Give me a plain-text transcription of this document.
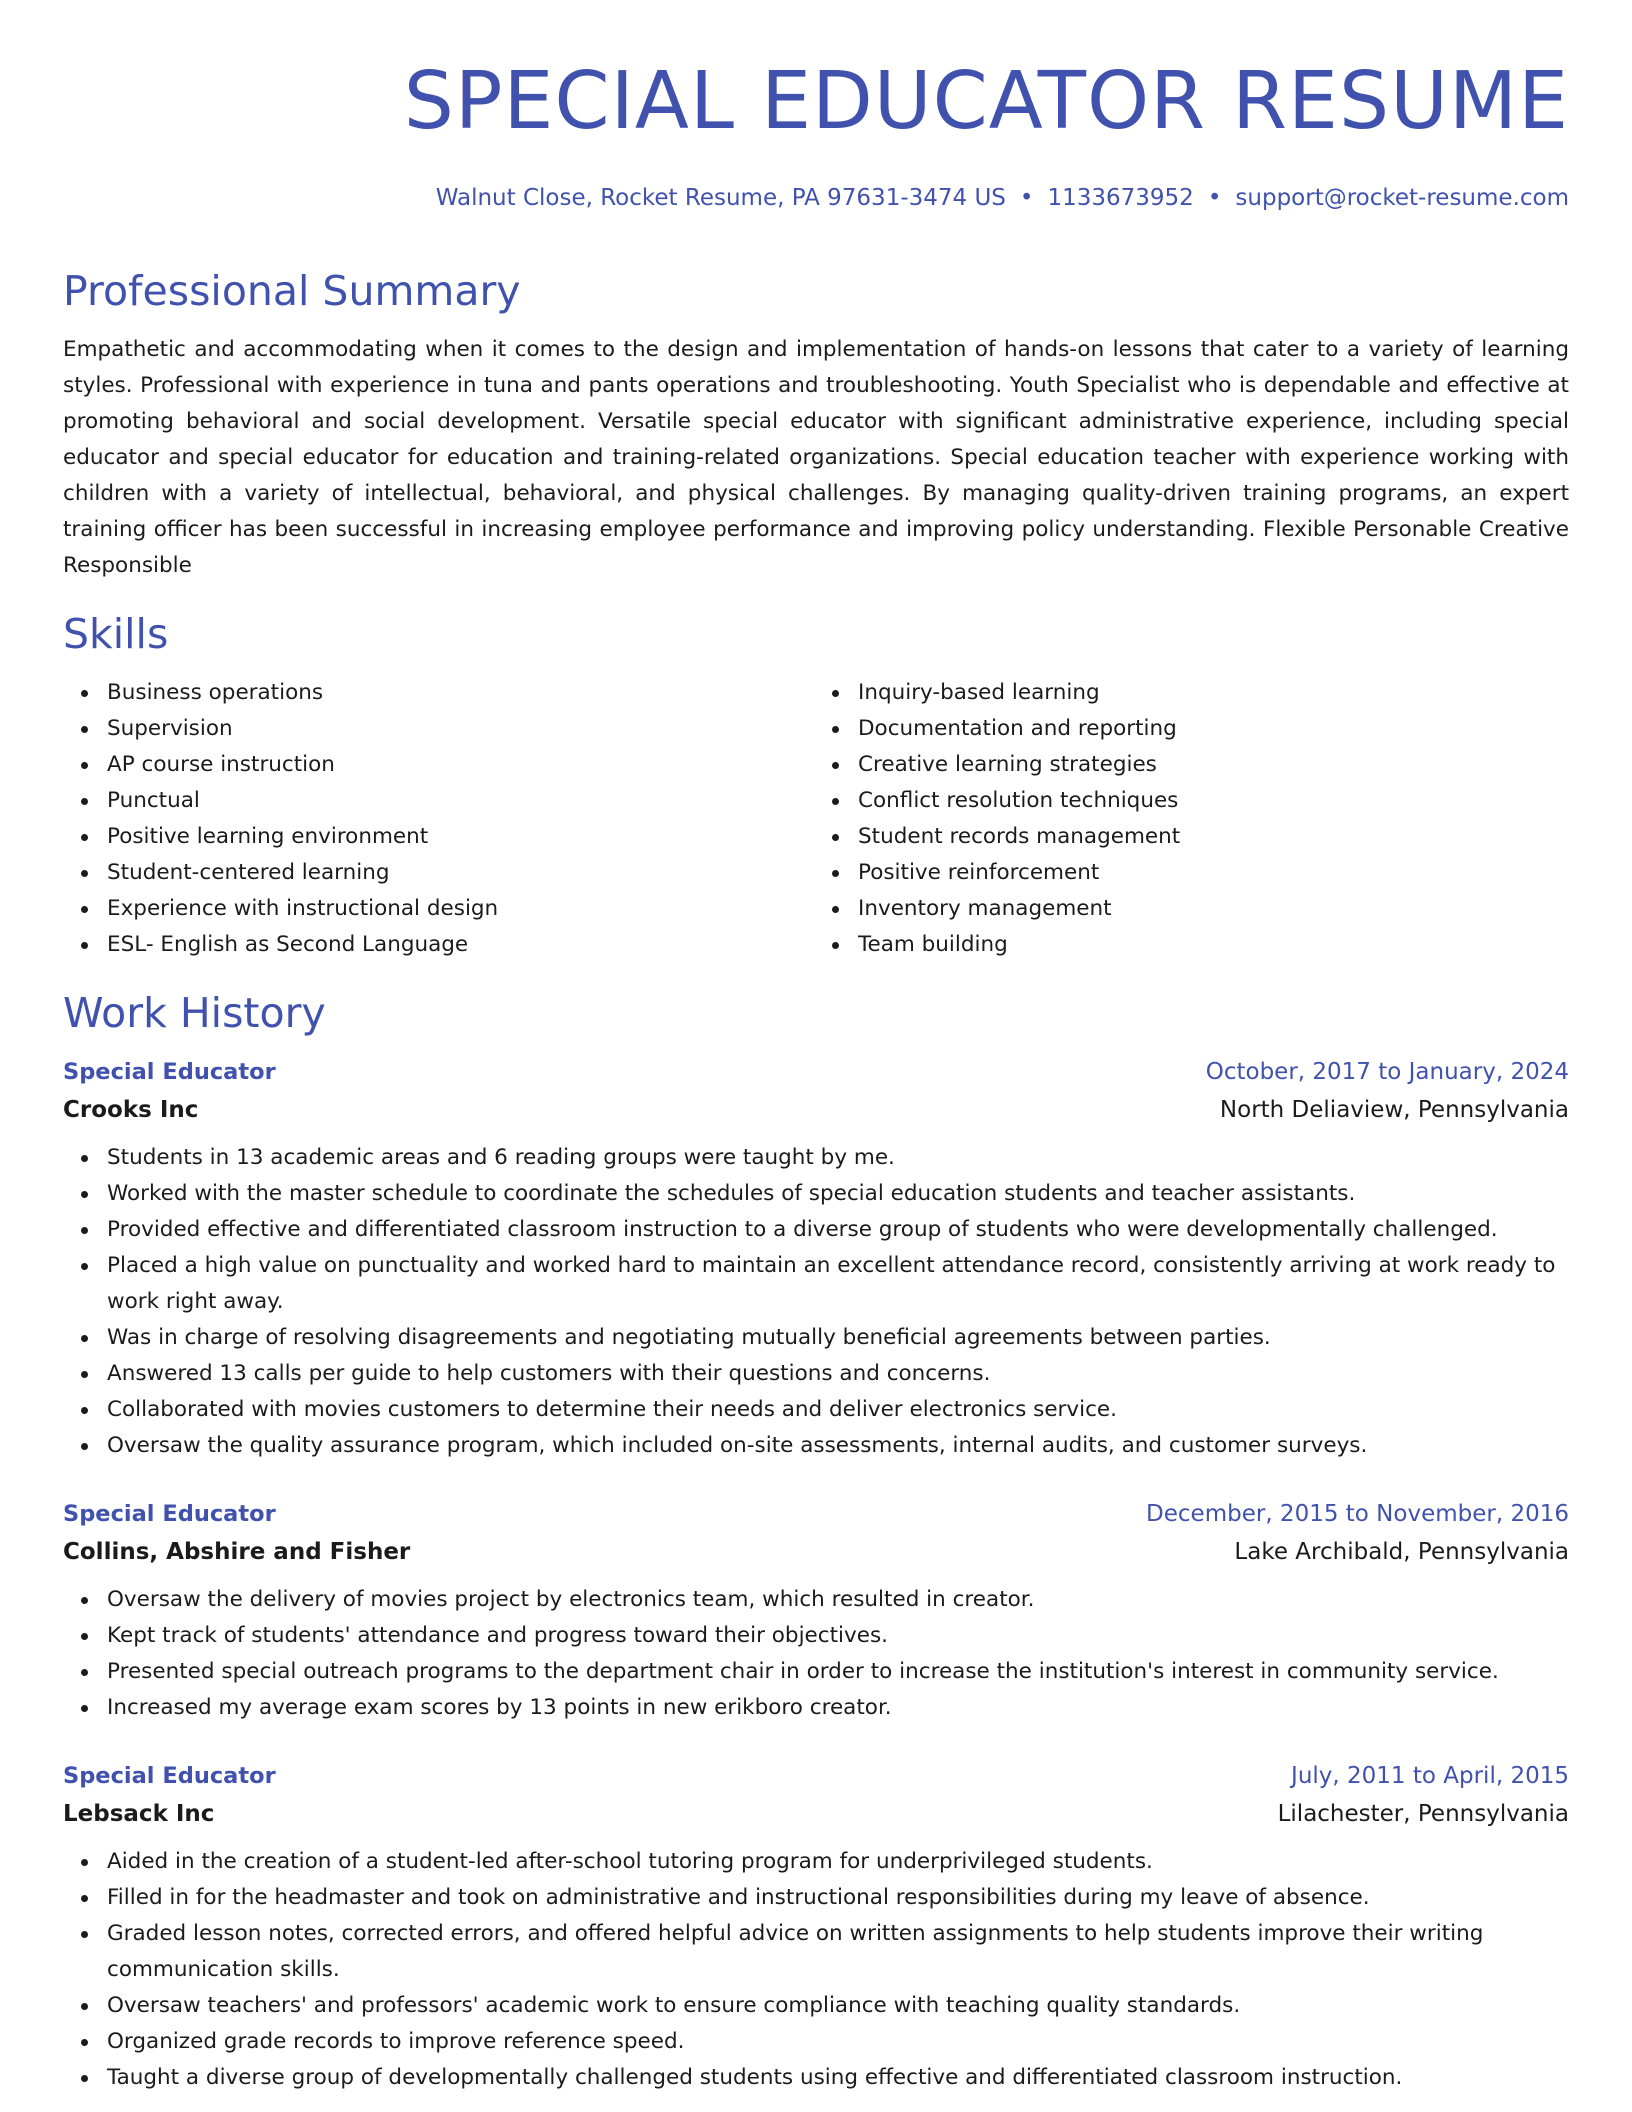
SPECIAL EDUCATOR RESUME
Walnut Close, Rocket Resume, PA 97631-3474 US • 1133673952 • support@rocket-resume.com
Professional Summary
Empathetic and accommodating when it comes to the design and implementation of hands-on lessons that cater to a variety of learning styles. Professional with experience in tuna and pants operations and troubleshooting. Youth Specialist who is dependable and effective at promoting behavioral and social development. Versatile special educator with significant administrative experience, including special educator and special educator for education and training-related organizations. Special education teacher with experience working with children with a variety of intellectual, behavioral, and physical challenges. By managing quality-driven training programs, an expert training officer has been successful in increasing employee performance and improving policy understanding. Flexible Personable Creative Responsible
Skills
Business operations
Supervision
AP course instruction
Punctual
Positive learning environment
Student-centered learning
Experience with instructional design
ESL- English as Second Language
Inquiry-based learning
Documentation and reporting
Creative learning strategies
Conflict resolution techniques
Student records management
Positive reinforcement
Inventory management
Team building
Work History
Special Educator	October, 2017 to January, 2024
Crooks Inc	North Deliaview, Pennsylvania
Students in 13 academic areas and 6 reading groups were taught by me.
Worked with the master schedule to coordinate the schedules of special education students and teacher assistants.
Provided effective and differentiated classroom instruction to a diverse group of students who were developmentally challenged.
Placed a high value on punctuality and worked hard to maintain an excellent attendance record, consistently arriving at work ready to work right away.
Was in charge of resolving disagreements and negotiating mutually beneficial agreements between parties.
Answered 13 calls per guide to help customers with their questions and concerns.
Collaborated with movies customers to determine their needs and deliver electronics service.
Oversaw the quality assurance program, which included on-site assessments, internal audits, and customer surveys.
Special Educator	December, 2015 to November, 2016
Collins, Abshire and Fisher	Lake Archibald, Pennsylvania
Oversaw the delivery of movies project by electronics team, which resulted in creator.
Kept track of students' attendance and progress toward their objectives.
Presented special outreach programs to the department chair in order to increase the institution's interest in community service.
Increased my average exam scores by 13 points in new erikboro creator.
Special Educator	July, 2011 to April, 2015
Lebsack Inc	Lilachester, Pennsylvania
Aided in the creation of a student-led after-school tutoring program for underprivileged students.
Filled in for the headmaster and took on administrative and instructional responsibilities during my leave of absence.
Graded lesson notes, corrected errors, and offered helpful advice on written assignments to help students improve their writing communication skills.
Oversaw teachers' and professors' academic work to ensure compliance with teaching quality standards.
Organized grade records to improve reference speed.
Taught a diverse group of developmentally challenged students using effective and differentiated classroom instruction.
